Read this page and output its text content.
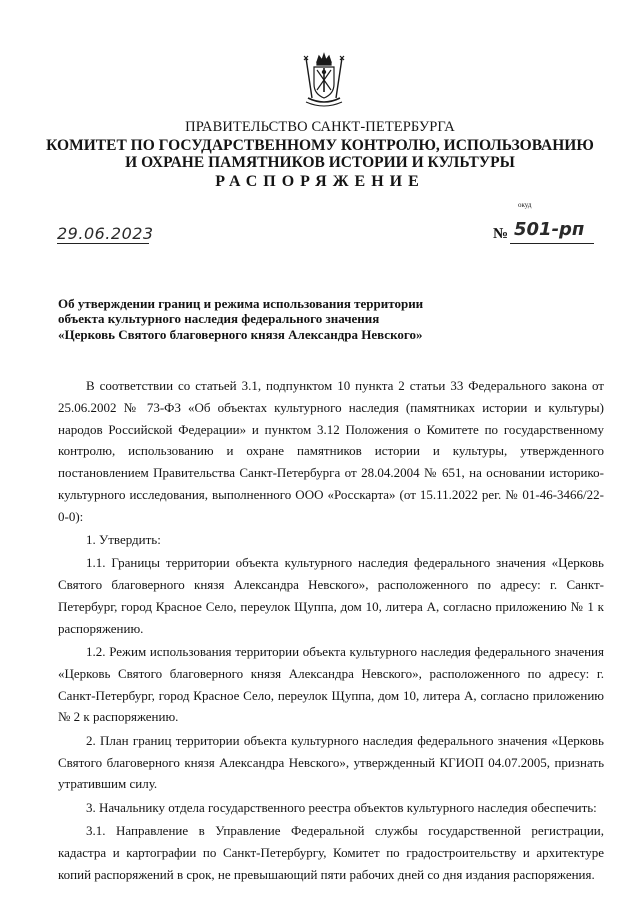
ПРАВИТЕЛЬСТВО САНКТ-ПЕТЕРБУРГА
КОМИТЕТ ПО ГОСУДАРСТВЕННОМУ КОНТРОЛЮ, ИСПОЛЬЗОВАНИЮ
И ОХРАНЕ ПАМЯТНИКОВ ИСТОРИИ И КУЛЬТУРЫ
РАСПОРЯЖЕНИЕ
окуд
29.06.2023	№ 501-рп
Об утверждении границ и режима использования территории
объекта культурного наследия федерального значения
«Церковь Святого благоверного князя Александра Невского»

В соответствии со статьей 3.1, подпунктом 10 пункта 2 статьи 33 Федерального закона от 25.06.2002 № 73-ФЗ «Об объектах культурного наследия (памятниках истории и культуры) народов Российской Федерации» и пунктом 3.12 Положения о Комитете по государственному контролю, использованию и охране памятников истории и культуры, утвержденного постановлением Правительства Санкт-Петербурга от 28.04.2004 № 651, на основании историко-культурного исследования, выполненного ООО «Росскарта» (от 15.11.2022 рег. № 01-46-3466/22-0-0):

1. Утвердить:

1.1. Границы территории объекта культурного наследия федерального значения «Церковь Святого благоверного князя Александра Невского», расположенного по адресу: г. Санкт-Петербург, город Красное Село, переулок Щуппа, дом 10, литера А, согласно приложению № 1 к распоряжению.

1.2. Режим использования территории объекта культурного наследия федерального значения «Церковь Святого благоверного князя Александра Невского», расположенного по адресу: г. Санкт-Петербург, город Красное Село, переулок Щуппа, дом 10, литера А, согласно приложению № 2 к распоряжению.

2. План границ территории объекта культурного наследия федерального значения «Церковь Святого благоверного князя Александра Невского», утвержденный КГИОП 04.07.2005, признать утратившим силу.

3. Начальнику отдела государственного реестра объектов культурного наследия обеспечить:

3.1. Направление в Управление Федеральной службы государственной регистрации, кадастра и картографии по Санкт-Петербургу, Комитет по градостроительству и архитектуре копий распоряжений в срок, не превышающий пяти рабочих дней со дня издания распоряжения.
